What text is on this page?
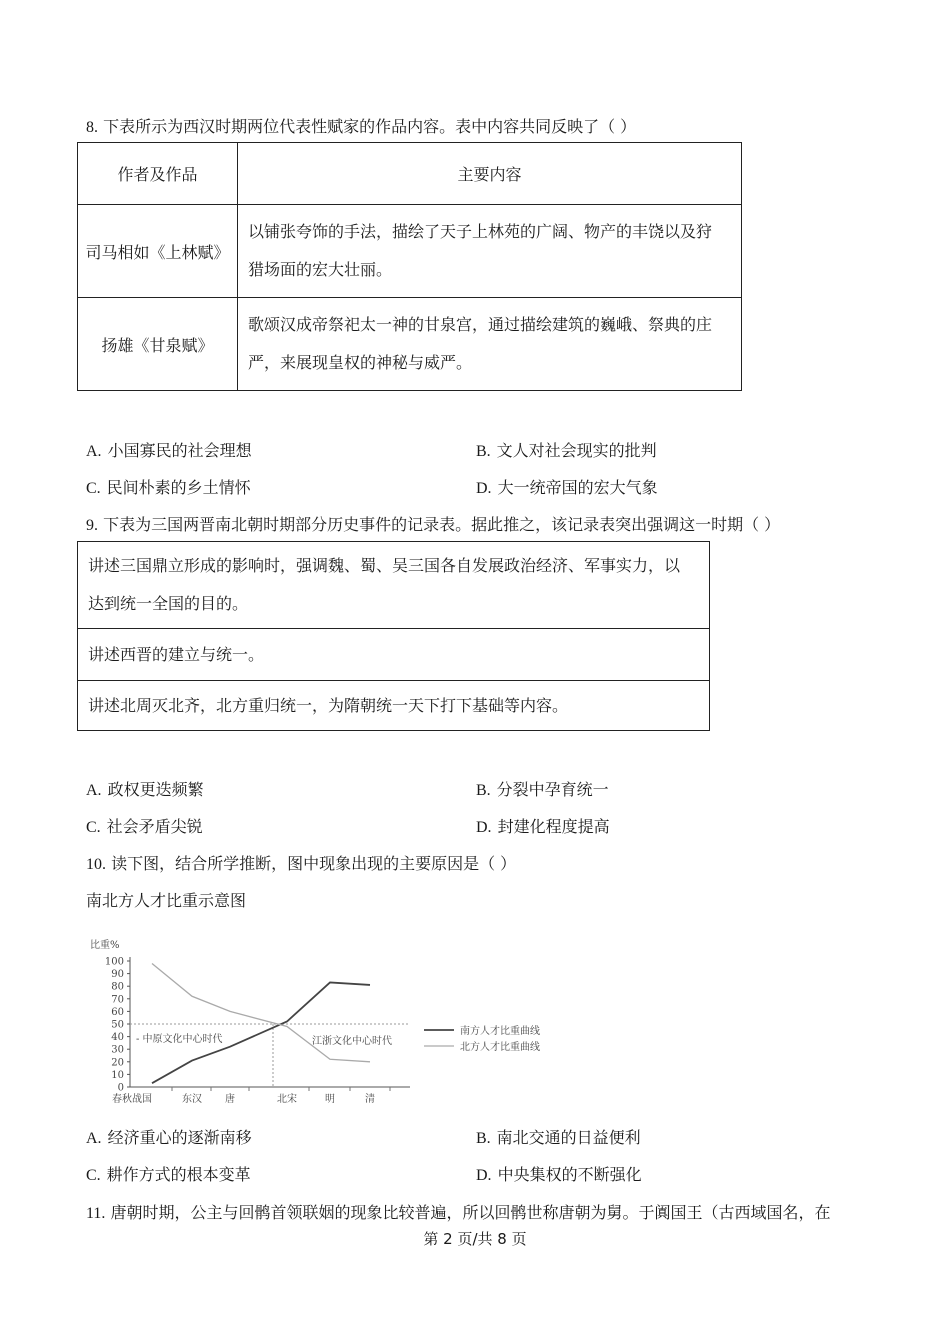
8. 下表所示为西汉时期两位代表性赋家的作品内容。表中内容共同反映了（ ）
作者及作品	主要内容
司马相如《上林赋》	以铺张夸饰的手法，描绘了天子上林苑的广阔、物产的丰饶以及狩
猎场面的宏大壮丽。

扬雄《甘泉赋》	歌颂汉成帝祭祀太一神的甘泉宫，通过描绘建筑的巍峨、祭典的庄
严，来展现皇权的神秘与威严。
A. 小国寡民的社会理想	B. 文人对社会现实的批判
C. 民间朴素的乡土情怀	D. 大一统帝国的宏大气象
9. 下表为三国两晋南北朝时期部分历史事件的记录表。据此推之，该记录表突出强调这一时期（ ）
讲述三国鼎立形成的影响时，强调魏、蜀、吴三国各自发展政治经济、军事实力，以
达到统一全国的目的。

讲述西晋的建立与统一。
讲述北周灭北齐，北方重归统一，为隋朝统一天下打下基础等内容。
A. 政权更迭频繁	B. 分裂中孕育统一
C. 社会矛盾尖锐	D. 封建化程度提高
10. 读下图，结合所学推断，图中现象出现的主要原因是（ ）
南北方人才比重示意图
比重%
0
10
20
30
40
50
60
70
80
90
100
春秋战国	东汉 唐	北宋	明	清
- 中原文化中心时代	江浙文化中心时代
南方人才比重曲线
北方人才比重曲线
A. 经济重心的逐渐南移	B. 南北交通的日益便利
C. 耕作方式的根本变革	D. 中央集权的不断强化
11. 唐朝时期，公主与回鹘首领联姻的现象比较普遍，所以回鹘世称唐朝为舅。于阗国王（古西域国名，在
第 2 页/共 8 页
